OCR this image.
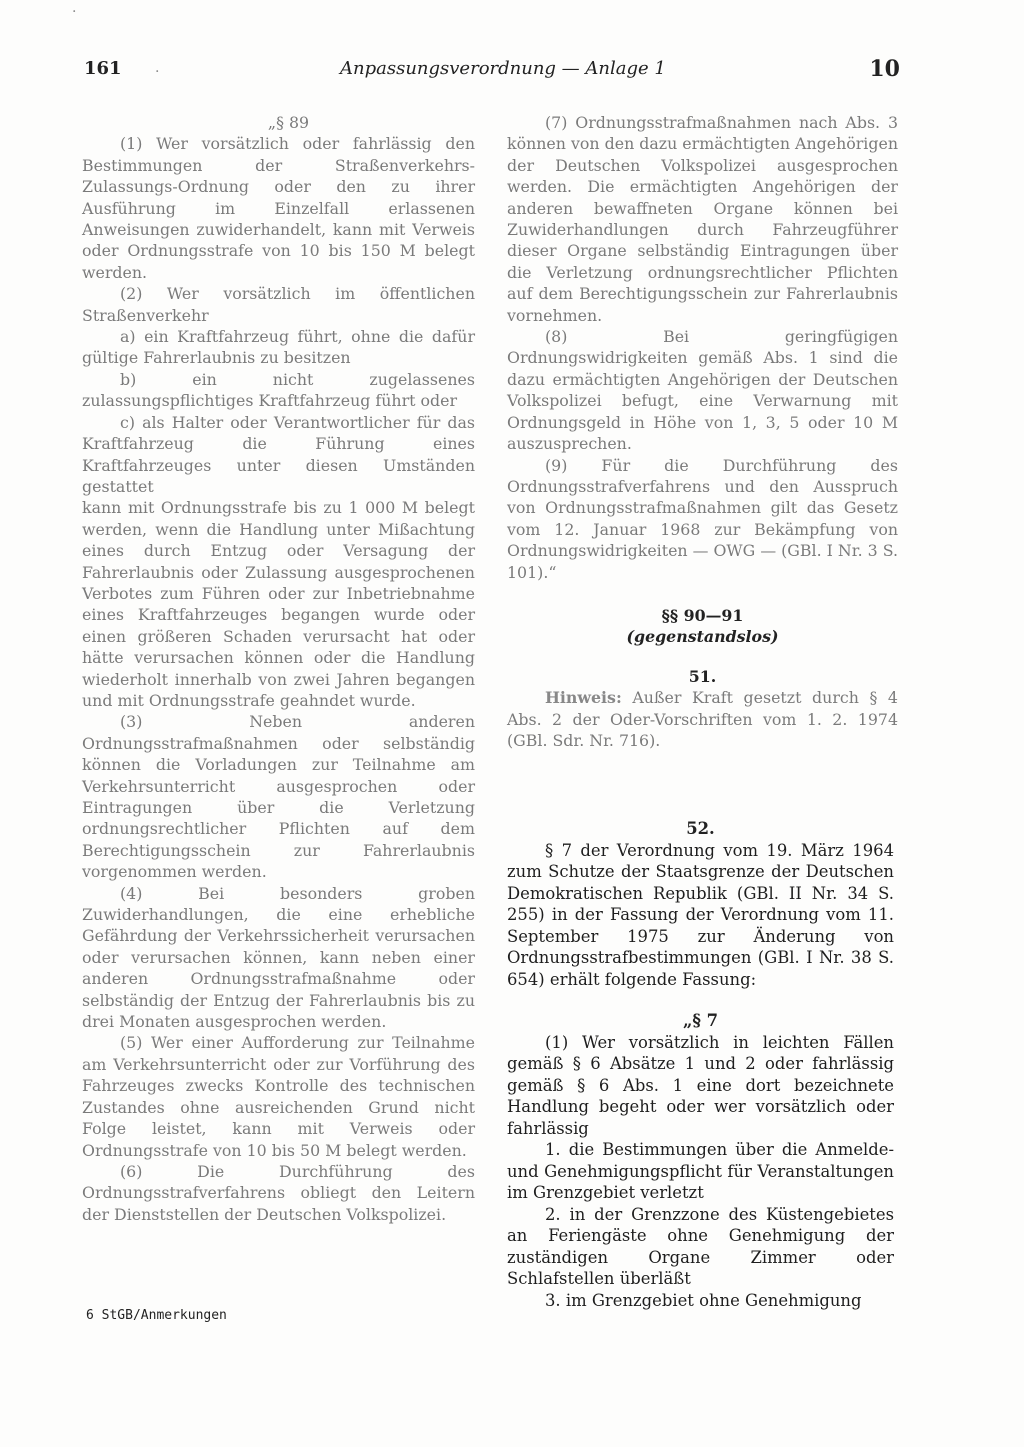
·
.
161	Anpassungsverordnung — Anlage 1	10

„§ 89

(1) Wer vorsätzlich oder fahrlässig den Bestimmungen der Straßenverkehrs-Zulassungs-Ordnung oder den zu ihrer Ausführung im Einzelfall erlassenen Anweisungen zuwiderhandelt, kann mit Verweis oder Ordnungsstrafe von 10 bis 150 M belegt werden.

(2) Wer vorsätzlich im öffentlichen Straßenverkehr

a) ein Kraftfahrzeug führt, ohne die dafür gültige Fahrerlaubnis zu besitzen

b) ein nicht zugelassenes zulassungspflichtiges Kraftfahrzeug führt oder

c) als Halter oder Verantwortlicher für das Kraftfahrzeug die Führung eines Kraftfahrzeuges unter diesen Umständen gestattet

kann mit Ordnungsstrafe bis zu 1 000 M belegt werden, wenn die Handlung unter Mißachtung eines durch Entzug oder Versagung der Fahrerlaubnis oder Zulassung ausgesprochenen Verbotes zum Führen oder zur Inbetriebnahme eines Kraftfahrzeuges begangen wurde oder einen größeren Schaden verursacht hat oder hätte verursachen können oder die Handlung wiederholt innerhalb von zwei Jahren begangen und mit Ordnungsstrafe geahndet wurde.

(3) Neben anderen Ordnungsstrafmaßnahmen oder selbständig können die Vorladungen zur Teilnahme am Verkehrsunterricht ausgesprochen oder Eintragungen über die Verletzung ordnungsrechtlicher Pflichten auf dem Berechtigungsschein zur Fahrerlaubnis vorgenommen werden.

(4) Bei besonders groben Zuwiderhandlungen, die eine erhebliche Gefährdung der Verkehrssicherheit verursachen oder verursachen können, kann neben einer anderen Ordnungsstrafmaßnahme oder selbständig der Entzug der Fahrerlaubnis bis zu drei Monaten ausgesprochen werden.

(5) Wer einer Aufforderung zur Teilnahme am Verkehrsunterricht oder zur Vorführung des Fahrzeuges zwecks Kontrolle des technischen Zustandes ohne ausreichenden Grund nicht Folge leistet, kann mit Verweis oder Ordnungsstrafe von 10 bis 50 M belegt werden.

(6) Die Durchführung des Ordnungsstrafverfahrens obliegt den Leitern der Dienststellen der Deutschen Volkspolizei.

(7) Ordnungsstrafmaßnahmen nach Abs. 3 können von den dazu ermächtigten Angehörigen der Deutschen Volkspolizei ausgesprochen werden. Die ermächtigten Angehörigen der anderen bewaffneten Organe können bei Zuwiderhandlungen durch Fahrzeugführer dieser Organe selbständig Eintragungen über die Verletzung ordnungsrechtlicher Pflichten auf dem Berechtigungsschein zur Fahrerlaubnis vornehmen.

(8) Bei geringfügigen Ordnungswidrigkeiten gemäß Abs. 1 sind die dazu ermächtigten Angehörigen der Deutschen Volkspolizei befugt, eine Verwarnung mit Ordnungsgeld in Höhe von 1, 3, 5 oder 10 M auszusprechen.

(9) Für die Durchführung des Ordnungsstrafverfahrens und den Ausspruch von Ordnungsstrafmaßnahmen gilt das Gesetz vom 12. Januar 1968 zur Bekämpfung von Ordnungswidrigkeiten — OWG — (GBl. I Nr. 3 S. 101).“

§§ 90—91

(gegenstandslos)

51.

Hinweis: Außer Kraft gesetzt durch § 4 Abs. 2 der Oder-Vorschriften vom 1. 2. 1974 (GBl. Sdr. Nr. 716).

52.

§ 7 der Verordnung vom 19. März 1964 zum Schutze der Staatsgrenze der Deutschen Demokratischen Republik (GBl. II Nr. 34 S. 255) in der Fassung der Verordnung vom 11. September 1975 zur Änderung von Ordnungsstrafbestimmungen (GBl. I Nr. 38 S. 654) erhält folgende Fassung:

„§ 7

(1) Wer vorsätzlich in leichten Fällen gemäß § 6 Absätze 1 und 2 oder fahrlässig gemäß § 6 Abs. 1 eine dort bezeichnete Handlung begeht oder wer vorsätzlich oder fahrlässig

1. die Bestimmungen über die Anmelde- und Genehmigungspflicht für Veranstaltungen im Grenzgebiet verletzt

2. in der Grenzzone des Küstengebietes an Feriengäste ohne Genehmigung der zuständigen Organe Zimmer oder Schlafstellen überläßt

3. im Grenzgebiet ohne Genehmigung

6 StGB/Anmerkungen
